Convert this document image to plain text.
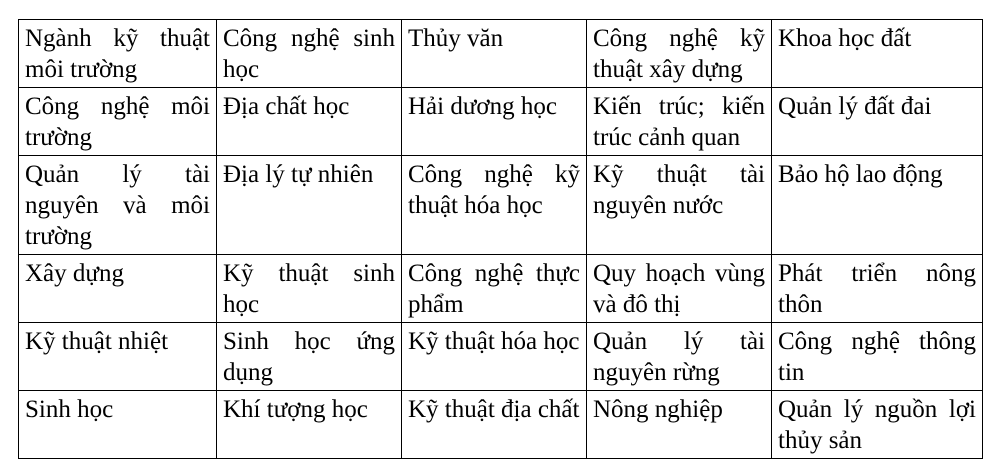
Ngành kỹ thuật môi trường	Công nghệ sinh học	Thủy văn	Công nghệ kỹ thuật xây dựng	Khoa học đất
Công nghệ môi trường	Địa chất học	Hải dương học	Kiến trúc; kiến trúc cảnh quan	Quản lý đất đai
Quản lý tài nguyên và môi trường	Địa lý tự nhiên	Công nghệ kỹ thuật hóa học	Kỹ thuật tài nguyên nước	Bảo hộ lao động
Xây dựng	Kỹ thuật sinh học	Công nghệ thực phẩm	Quy hoạch vùng và đô thị	Phát triển nông thôn
Kỹ thuật nhiệt	Sinh học ứng dụng	Kỹ thuật hóa học	Quản lý tài nguyên rừng	Công nghệ thông tin
Sinh học	Khí tượng học	Kỹ thuật địa chất	Nông nghiệp	Quản lý nguồn lợi thủy sản
